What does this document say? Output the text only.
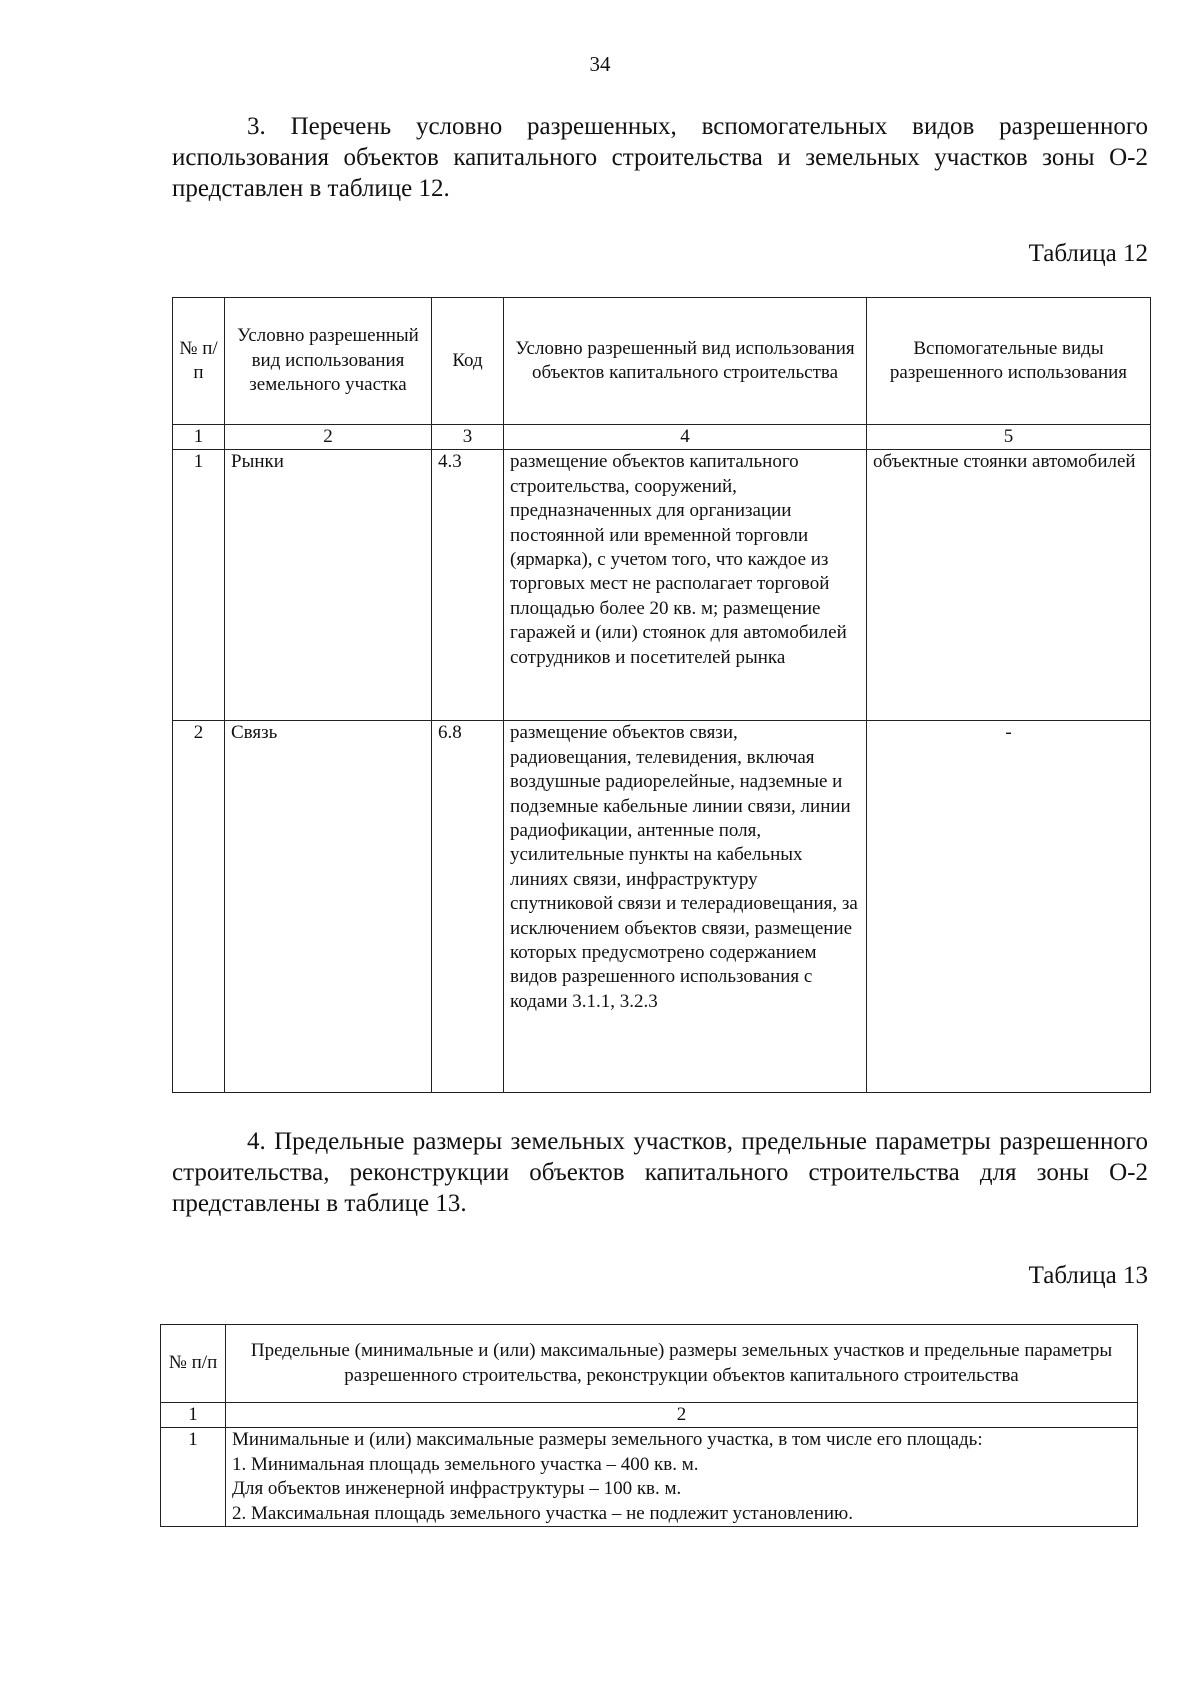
34

3. Перечень условно разрешенных, вспомогательных видов разрешенного использования объектов капитального строительства и земельных участков зоны О-2 представлен в таблице 12.

Таблица 12

№ п/п	Условно разрешенный вид использования земельного участка	Код	Условно разрешенный вид использования объектов капитального строительства	Вспомогательные виды разрешенного использования
1	2	3	4	5
1	Рынки	4.3	размещение объектов капитального строительства, сооружений, предназначенных для организации постоянной или временной торговли (ярмарка), с учетом того, что каждое из торговых мест не располагает торговой площадью более 20 кв. м; размещение гаражей и (или) стоянок для автомобилей сотрудников и посетителей рынка	объектные стоянки автомобилей
2	Связь	6.8	размещение объектов связи, радиовещания, телевидения, включая воздушные радиорелейные, надземные и подземные кабельные линии связи, линии радиофикации, антенные поля, усилительные пункты на кабельных линиях связи, инфраструктуру спутниковой связи и телерадиовещания, за исключением объектов связи, размещение которых предусмотрено содержанием видов разрешенного использования с кодами 3.1.1, 3.2.3	-

4. Предельные размеры земельных участков, предельные параметры разрешенного строительства, реконструкции объектов капитального строительства для зоны О-2 представлены в таблице 13.

Таблица 13

№ п/п	Предельные (минимальные и (или) максимальные) размеры земельных участков и предельные параметры разрешенного строительства, реконструкции объектов капитального строительства
1	2
1	Минимальные и (или) максимальные размеры земельного участка, в том числе его площадь:
1. Минимальная площадь земельного участка – 400 кв. м.
Для объектов инженерной инфраструктуры – 100 кв. м.
2. Максимальная площадь земельного участка – не подлежит установлению.
